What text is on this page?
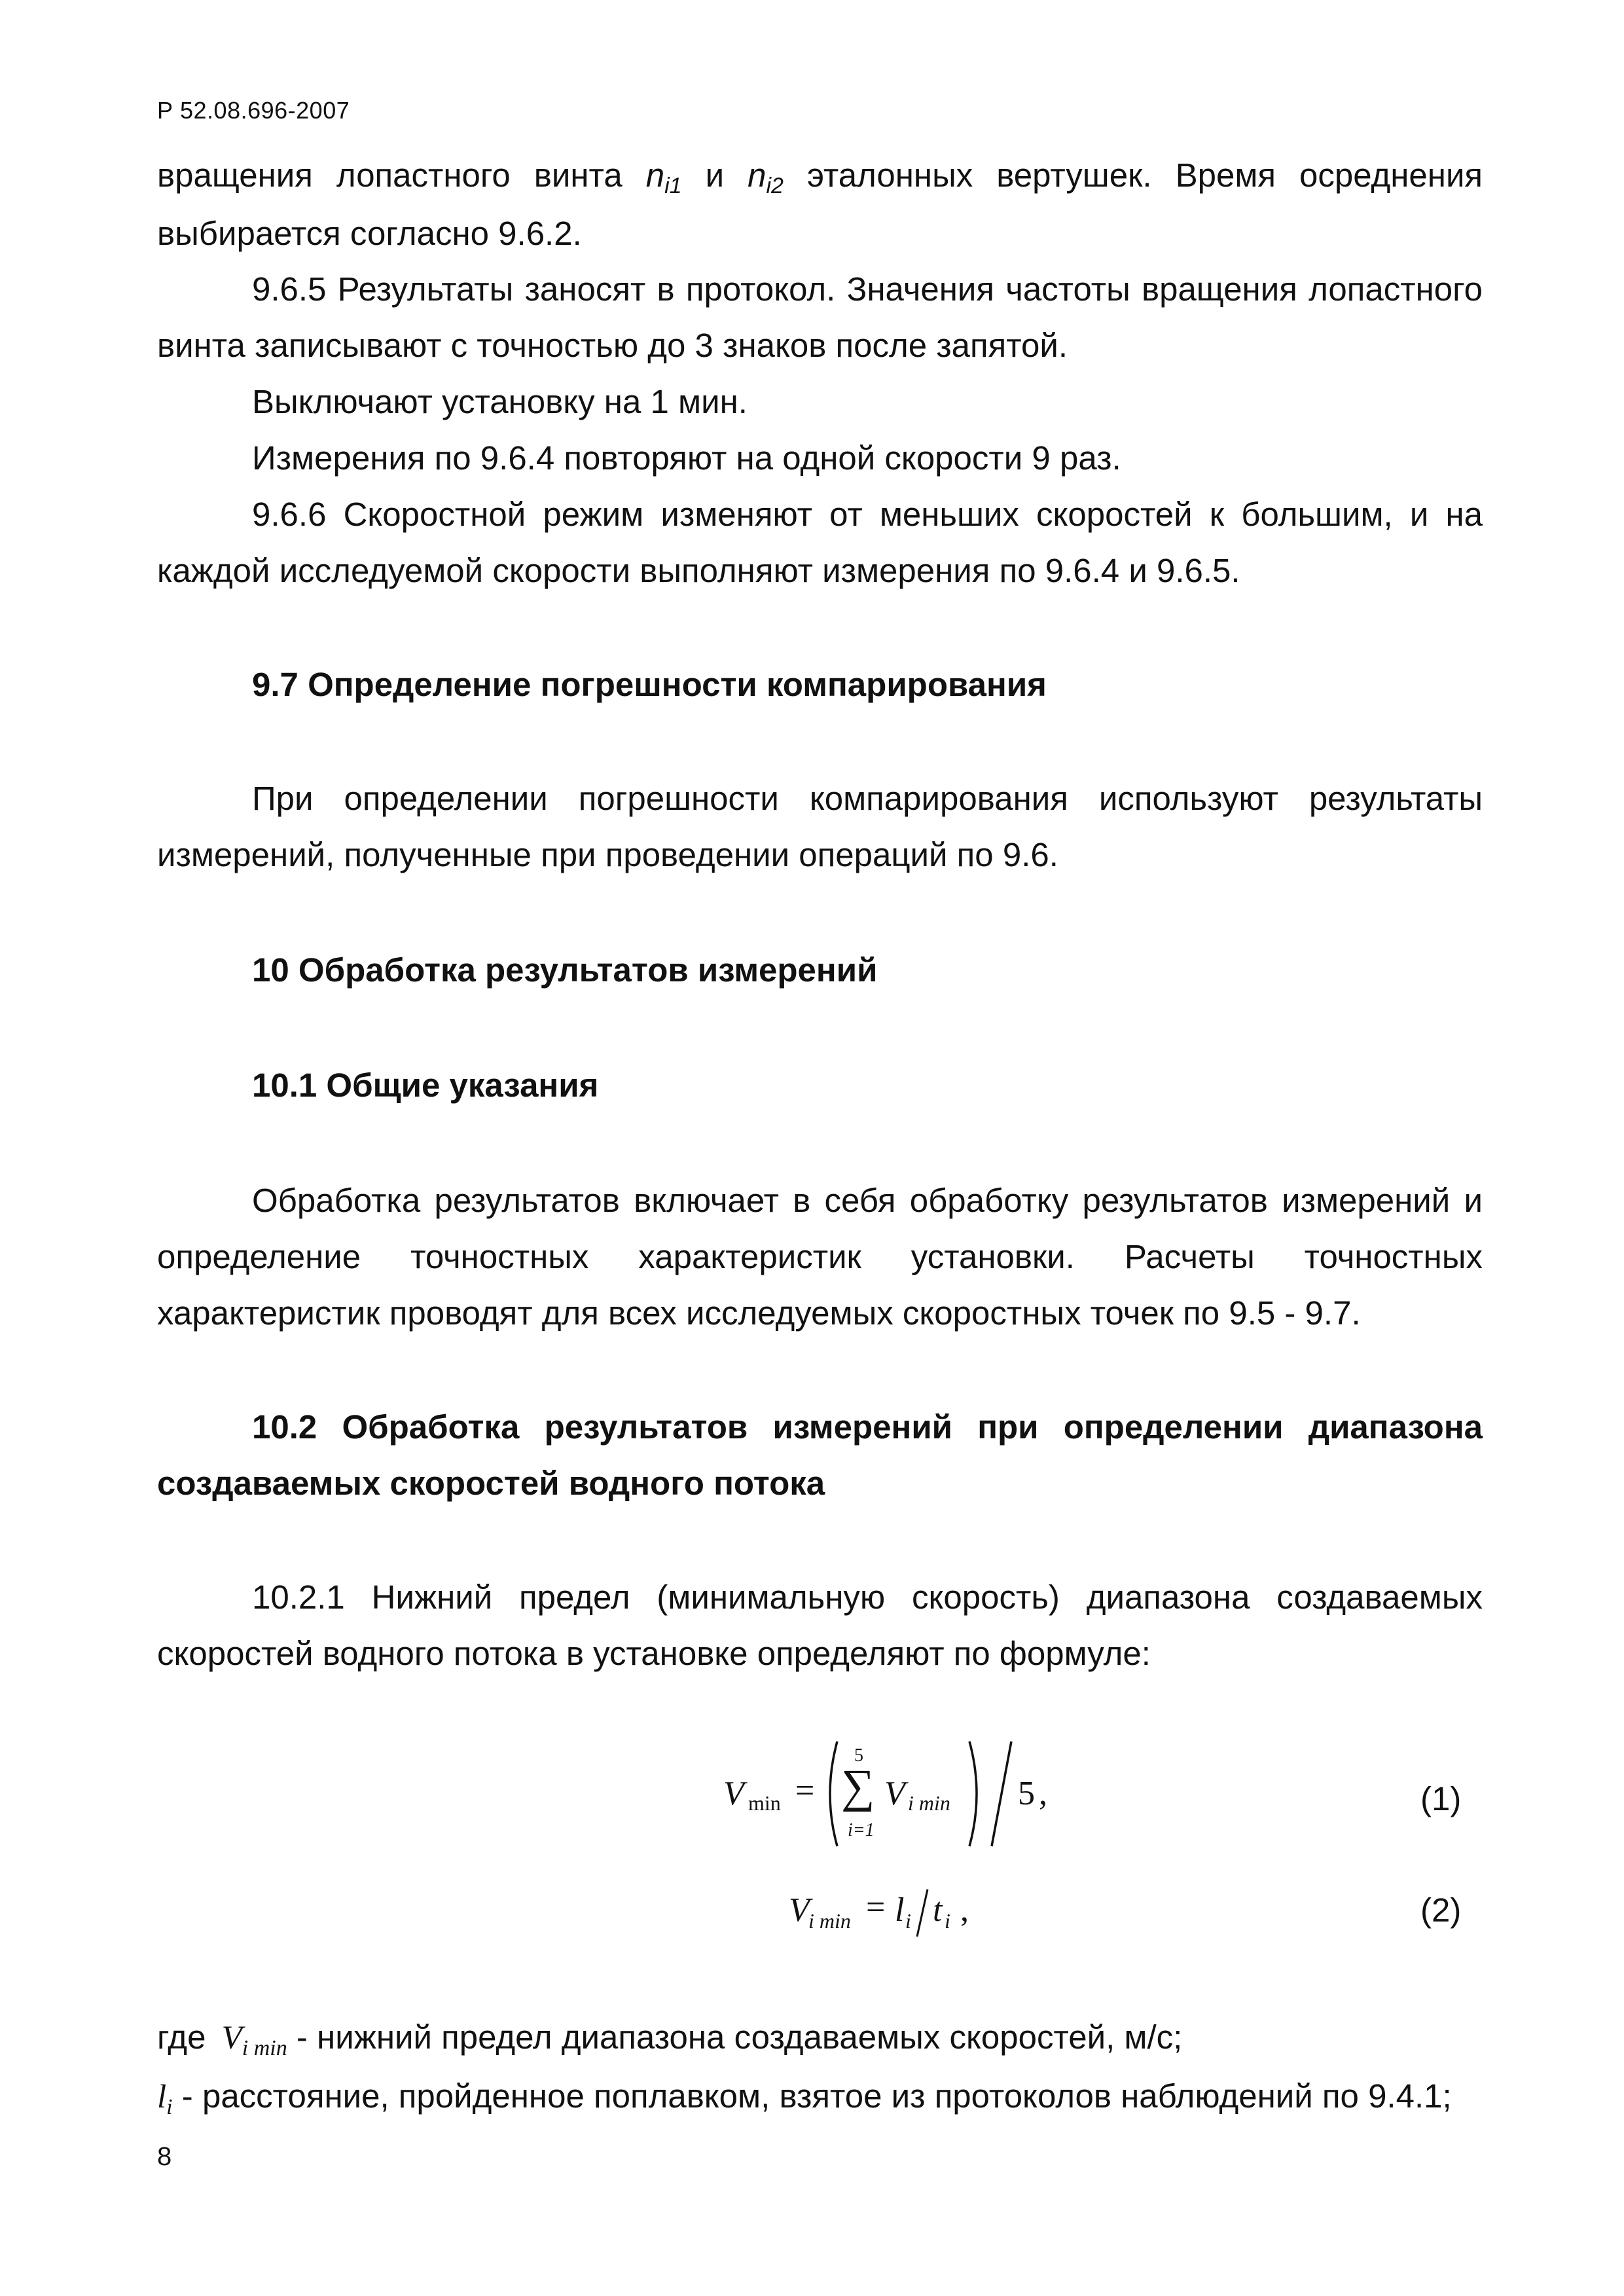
Р 52.08.696-2007
вращения лопастного винта $n_{i1}$ и $n_{i2}$ эталонных вертушек. Время осреднения
выбирается согласно 9.6.2.
9.6.5 Результаты заносят в протокол. Значения частоты вращения лопастного
винта записывают с точностью до 3 знаков после запятой.
Выключают установку на 1 мин.
Измерения по 9.6.4 повторяют на одной скорости 9 раз.
9.6.6 Скоростной режим изменяют от меньших скоростей к большим, и на
каждой исследуемой скорости выполняют измерения по 9.6.4 и 9.6.5.
9.7 Определение погрешности компарирования
При определении погрешности компарирования используют результаты
измерений, полученные при проведении операций по 9.6.
10 Обработка результатов измерений
10.1 Общие указания
Обработка результатов включает в себя обработку результатов измерений и
определение точностных характеристик установки. Расчеты точностных
характеристик проводят для всех исследуемых скоростных точек по 9.5 - 9.7.
10.2 Обработка результатов измерений при определении диапазона
создаваемых скоростей водного потока
10.2.1 Нижний предел (минимальную скорость) диапазона создаваемых
скоростей водного потока в установке определяют по формуле:
V min =
5
∑
i=1
V i min 5 ,	(1)
V
i min = l i t i ,	(2)
где $V_{i min}$ - нижний предел диапазона создаваемых скоростей, м/с;
$l_i$ - расстояние, пройденное поплавком, взятое из протоколов наблюдений по 9.4.1;
8
